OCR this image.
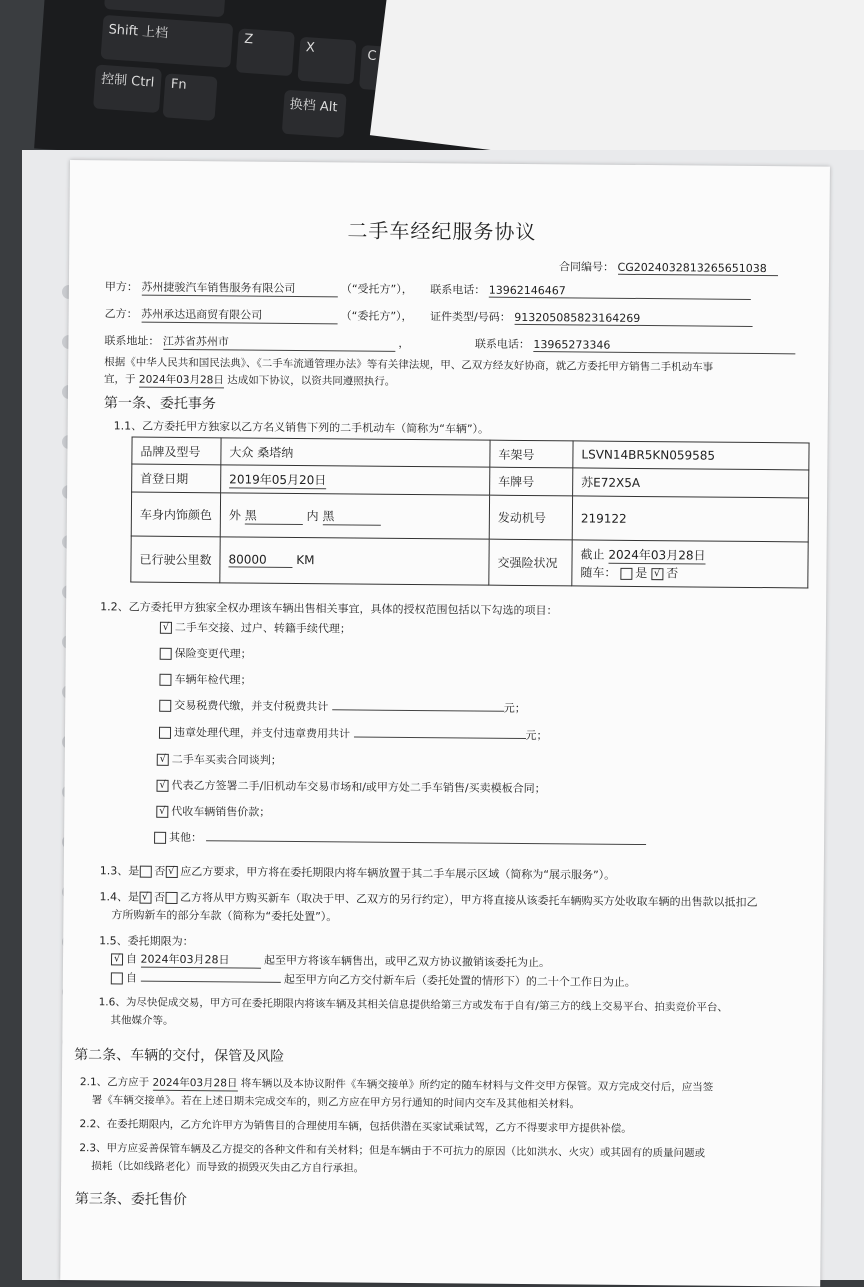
Shift 上档	Z
X
C
控制 Ctrl	Fn
换档 Alt
二手车经纪服务协议
合同编号： CG2024032813265651038
甲方： 苏州捷骏汽车销售服务有限公司	（“受托方”）， 联系电话： 13962146467
乙方： 苏州承达迅商贸有限公司	（“委托方”）， 证件类型/号码： 913205085823164269
联系地址： 江苏省苏州市	，	联系电话： 13965273346
根据《中华人民共和国民法典》、《二手车流通管理办法》等有关律法规，甲、乙双方经友好协商，就乙方委托甲方销售二手机动车事
宜，于 2024年03月28日 达成如下协议，以资共同遵照执行。
第一条、委托事务
1.1、乙方委托甲方独家以乙方名义销售下列的二手机动车（简称为“车辆”）。
品牌及型号	大众 桑塔纳	车架号	LSVN14BR5KN059585
首登日期	2019年05月20日	车牌号	苏E72X5A
车身内饰颜色	外 黑 内 黑	发动机号	219122
已行驶公里数	80000 KM	交强险状况	截止 2024年03月28日
随车： 是 √ 否
1.2、乙方委托甲方独家全权办理该车辆出售相关事宜，具体的授权范围包括以下勾选的项目：
√ 二手车交接、过户、转籍手续代理；
保险变更代理；
车辆年检代理；
交易税费代缴，并支付税费共计	元；
违章处理代理，并支付违章费用共计	元；
√ 二手车买卖合同谈判；
√ 代表乙方签署二手/旧机动车交易市场和/或甲方处二手车销售/买卖模板合同；
√ 代收车辆销售价款；
其他：
1.3、是 否 √ 应乙方要求，甲方将在委托期限内将车辆放置于其二手车展示区域（简称为“展示服务”）。
1.4、是 √ 否 乙方将从甲方购买新车（取决于甲、乙双方的另行约定），甲方将直接从该委托车辆购买方处收取车辆的出售款以抵扣乙
方所购新车的部分车款（简称为“委托处置”）。
1.5、委托期限为：
√ 自 2024年03月28日	起至甲方将该车辆售出，或甲乙双方协议撤销该委托为止。
自	起至甲方向乙方交付新车后（委托处置的情形下）的二十个工作日为止。
1.6、为尽快促成交易，甲方可在委托期限内将该车辆及其相关信息提供给第三方或发布于自有/第三方的线上交易平台、拍卖竞价平台、
其他媒介等。
第二条、车辆的交付，保管及风险
2.1、乙方应于 2024年03月28日 将车辆以及本协议附件《车辆交接单》所约定的随车材料与文件交甲方保管。双方完成交付后，应当签
署《车辆交接单》。若在上述日期未完成交车的，则乙方应在甲方另行通知的时间内交车及其他相关材料。
2.2、在委托期限内，乙方允许甲方为销售目的合理使用车辆，包括供潜在买家试乘试驾，乙方不得要求甲方提供补偿。
2.3、甲方应妥善保管车辆及乙方提交的各种文件和有关材料；但是车辆由于不可抗力的原因（比如洪水、火灾）或其固有的质量问题或
损耗（比如线路老化）而导致的损毁灭失由乙方自行承担。
第三条、委托售价
